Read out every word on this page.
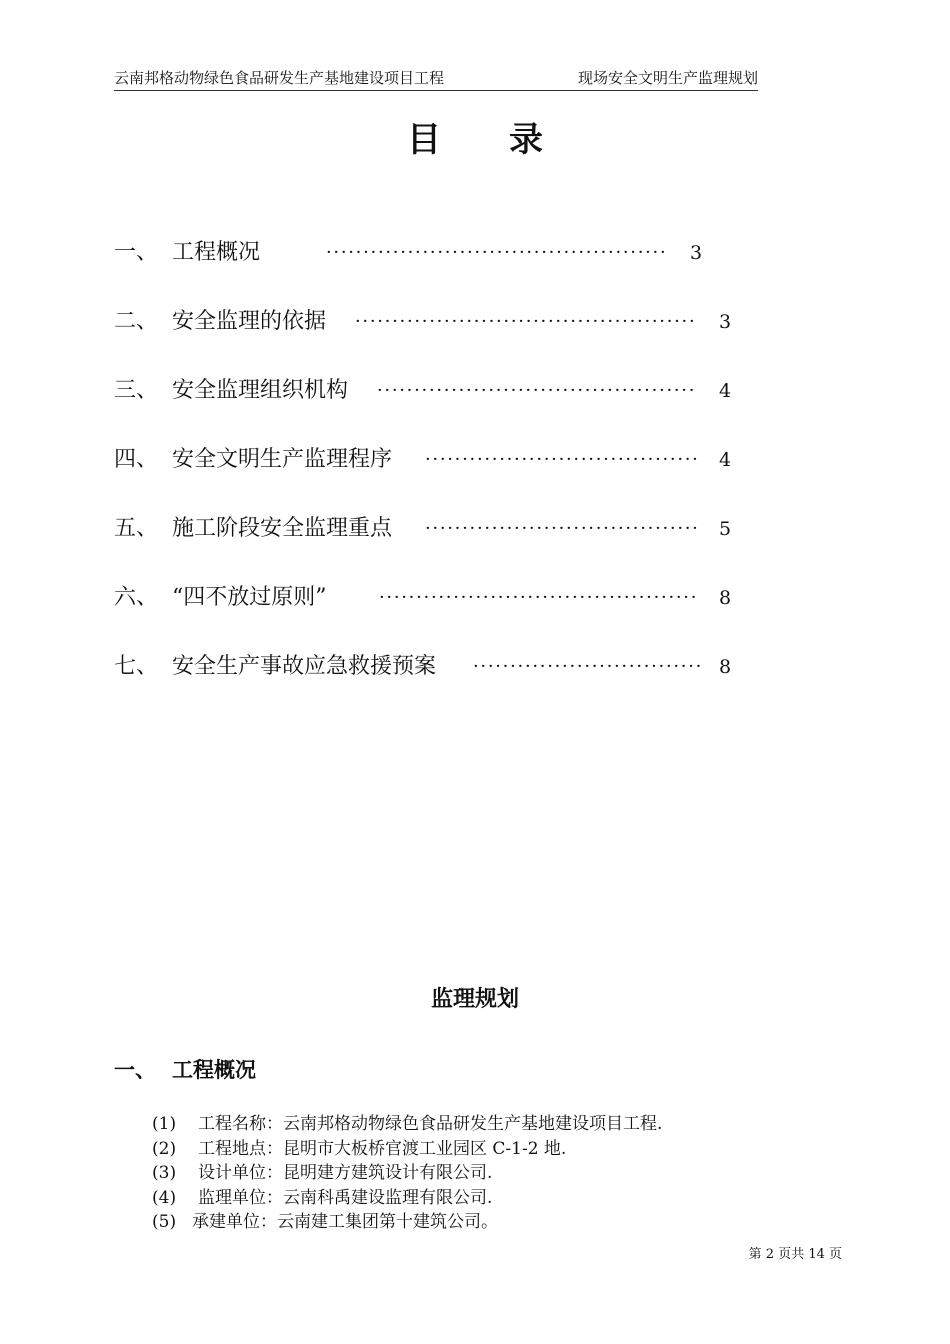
云南邦格动物绿色食品研发生产基地建设项目工程	现场安全文明生产监理规划
目 录
一、 工程概况	··············································	3
二、 安全监理的依据 ··············································	3
三、 安全监理组织机构 ···········································	4
四、 安全文明生产监理程序 ·····································	4
五、 施工阶段安全监理重点 ·····································	5
六、 “四不放过原则”	···········································	8
七、 安全生产事故应急救援预案 ······························· 8
监理规划
一、 工程概况
(1) 工程名称：云南邦格动物绿色食品研发生产基地建设项目工程.
(2) 工程地点：昆明市大板桥官渡工业园区 C-1-2 地.
(3) 设计单位：昆明建方建筑设计有限公司.
(4) 监理单位：云南科禹建设监理有限公司.
(5) 承建单位：云南建工集团第十建筑公司。
第 2 页共 14 页
